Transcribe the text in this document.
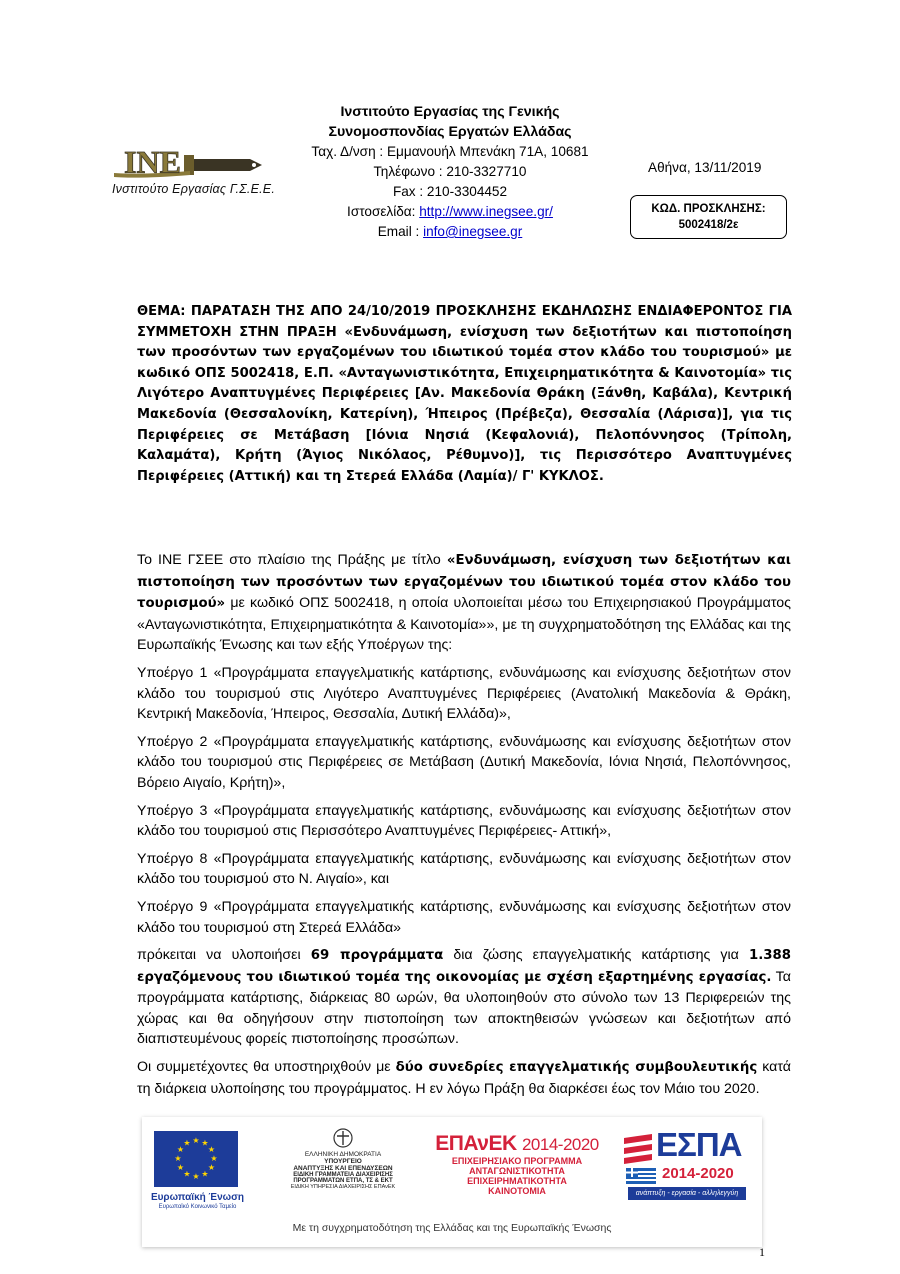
ΙΝΕ
Ινστιτούτο Εργασίας Γ.Σ.Ε.Ε.
Ινστιτούτο Εργασίας της Γενικής
Συνομοσπονδίας Εργατών Ελλάδας
Ταχ. Δ/νση : Εμμανουήλ Μπενάκη 71Α, 10681
Τηλέφωνο : 210-3327710
Fax : 210-3304452
Ιστοσελίδα: http://www.inegsee.gr/
Email : info@inegsee.gr
Αθήνα, 13/11/2019
ΚΩΔ. ΠΡΟΣΚΛΗΣΗΣ:
5002418/2ε
ΘΕΜΑ: ΠΑΡΑΤΑΣΗ ΤΗΣ ΑΠΟ 24/10/2019 ΠΡΟΣΚΛΗΣΗΣ ΕΚΔΗΛΩΣΗΣ ΕΝΔΙΑΦΕΡΟΝΤΟΣ ΓΙΑ ΣΥΜΜΕΤΟΧΗ ΣΤΗΝ ΠΡΑΞΗ «Ενδυνάμωση, ενίσχυση των δεξιοτήτων και πιστοποίηση των προσόντων των εργαζομένων του ιδιωτικού τομέα στον κλάδο του τουρισμού» με κωδικό ΟΠΣ 5002418, Ε.Π. «Ανταγωνιστικότητα, Επιχειρηματικότητα & Καινοτομία» τις Λιγότερο Αναπτυγμένες Περιφέρειες [Αν. Μακεδονία Θράκη (Ξάνθη, Καβάλα), Κεντρική Μακεδονία (Θεσσαλονίκη, Κατερίνη), Ήπειρος (Πρέβεζα), Θεσσαλία (Λάρισα)], για τις Περιφέρειες σε Μετάβαση [Ιόνια Νησιά (Κεφαλονιά), Πελοπόννησος (Τρίπολη, Καλαμάτα), Κρήτη (Άγιος Νικόλαος, Ρέθυμνο)], τις Περισσότερο Αναπτυγμένες Περιφέρειες (Αττική) και τη Στερεά Ελλάδα (Λαμία)/ Γ' ΚΥΚΛΟΣ.

Το ΙΝΕ ΓΣΕΕ στο πλαίσιο της Πράξης με τίτλο «Ενδυνάμωση, ενίσχυση των δεξιοτήτων και πιστοποίηση των προσόντων των εργαζομένων του ιδιωτικού τομέα στον κλάδο του τουρισμού» με κωδικό ΟΠΣ 5002418, η οποία υλοποιείται μέσω του Επιχειρησιακού Προγράμματος «Ανταγωνιστικότητα, Επιχειρηματικότητα & Καινοτομία»», με τη συγχρηματοδότηση της Ελλάδας και της Ευρωπαϊκής Ένωσης και των εξής Υποέργων της:

Υποέργο 1 «Προγράμματα επαγγελματικής κατάρτισης, ενδυνάμωσης και ενίσχυσης δεξιοτήτων στον κλάδο του τουρισμού στις Λιγότερο Αναπτυγμένες Περιφέρειες (Ανατολική Μακεδονία & Θράκη, Κεντρική Μακεδονία, Ήπειρος, Θεσσαλία, Δυτική Ελλάδα)»,

Υποέργο 2 «Προγράμματα επαγγελματικής κατάρτισης, ενδυνάμωσης και ενίσχυσης δεξιοτήτων στον κλάδο του τουρισμού στις Περιφέρειες σε Μετάβαση (Δυτική Μακεδονία, Ιόνια Νησιά, Πελοπόννησος, Βόρειο Αιγαίο, Κρήτη)»,

Υποέργο 3 «Προγράμματα επαγγελματικής κατάρτισης, ενδυνάμωσης και ενίσχυσης δεξιοτήτων στον κλάδο του τουρισμού στις Περισσότερο Αναπτυγμένες Περιφέρειες- Αττική»,

Υποέργο 8 «Προγράμματα επαγγελματικής κατάρτισης, ενδυνάμωσης και ενίσχυσης δεξιοτήτων στον κλάδο του τουρισμού στο Ν. Αιγαίο», και

Υποέργο 9 «Προγράμματα επαγγελματικής κατάρτισης, ενδυνάμωσης και ενίσχυσης δεξιοτήτων στον κλάδο του τουρισμού στη Στερεά Ελλάδα»

πρόκειται να υλοποιήσει 69 προγράμματα δια ζώσης επαγγελματικής κατάρτισης για 1.388 εργαζόμενους του ιδιωτικού τομέα της οικονομίας με σχέση εξαρτημένης εργασίας. Τα προγράμματα κατάρτισης, διάρκειας 80 ωρών, θα υλοποιηθούν στο σύνολο των 13 Περιφερειών της χώρας και θα οδηγήσουν στην πιστοποίηση των αποκτηθεισών γνώσεων και δεξιοτήτων από διαπιστευμένους φορείς πιστοποίησης προσώπων.

Οι συμμετέχοντες θα υποστηριχθούν με δύο συνεδρίες επαγγελματικής συμβουλευτικής κατά τη διάρκεια υλοποίησης του προγράμματος. Η εν λόγω Πράξη θα διαρκέσει έως τον Μάιο του 2020.

★ ★
★
★
★
★
★
★
★
★
★
★
Ευρωπαϊκή Ένωση
Ευρωπαϊκό Κοινωνικό Ταμείο
ΕΛΛΗΝΙΚΗ ΔΗΜΟΚΡΑΤΙΑ
ΥΠΟΥΡΓΕΙΟ
ΑΝΑΠΤΥΞΗΣ ΚΑΙ ΕΠΕΝΔΥΣΕΩΝ
ΕΙΔΙΚΗ ΓΡΑΜΜΑΤΕΙΑ ΔΙΑΧΕΙΡΙΣΗΣ
ΠΡΟΓΡΑΜΜΑΤΩΝ ΕΤΠΑ, ΤΣ & ΕΚΤ
ΕΙΔΙΚΗ ΥΠΗΡΕΣΙΑ ΔΙΑΧΕΙΡΙΣΗΣ ΕΠΑνΕΚ
ΕΠΑνΕΚ 2014-2020
ΕΠΙΧΕΙΡΗΣΙΑΚΟ ΠΡΟΓΡΑΜΜΑ
ΑΝΤΑΓΩΝΙΣΤΙΚΟΤΗΤΑ
ΕΠΙΧΕΙΡΗΜΑΤΙΚΟΤΗΤΑ
ΚΑΙΝΟΤΟΜΙΑ
ΕΣΠΑ
2014-2020
ανάπτυξη - εργασία - αλληλεγγύη
Με τη συγχρηματοδότηση της Ελλάδας και της Ευρωπαϊκής Ένωσης
1
